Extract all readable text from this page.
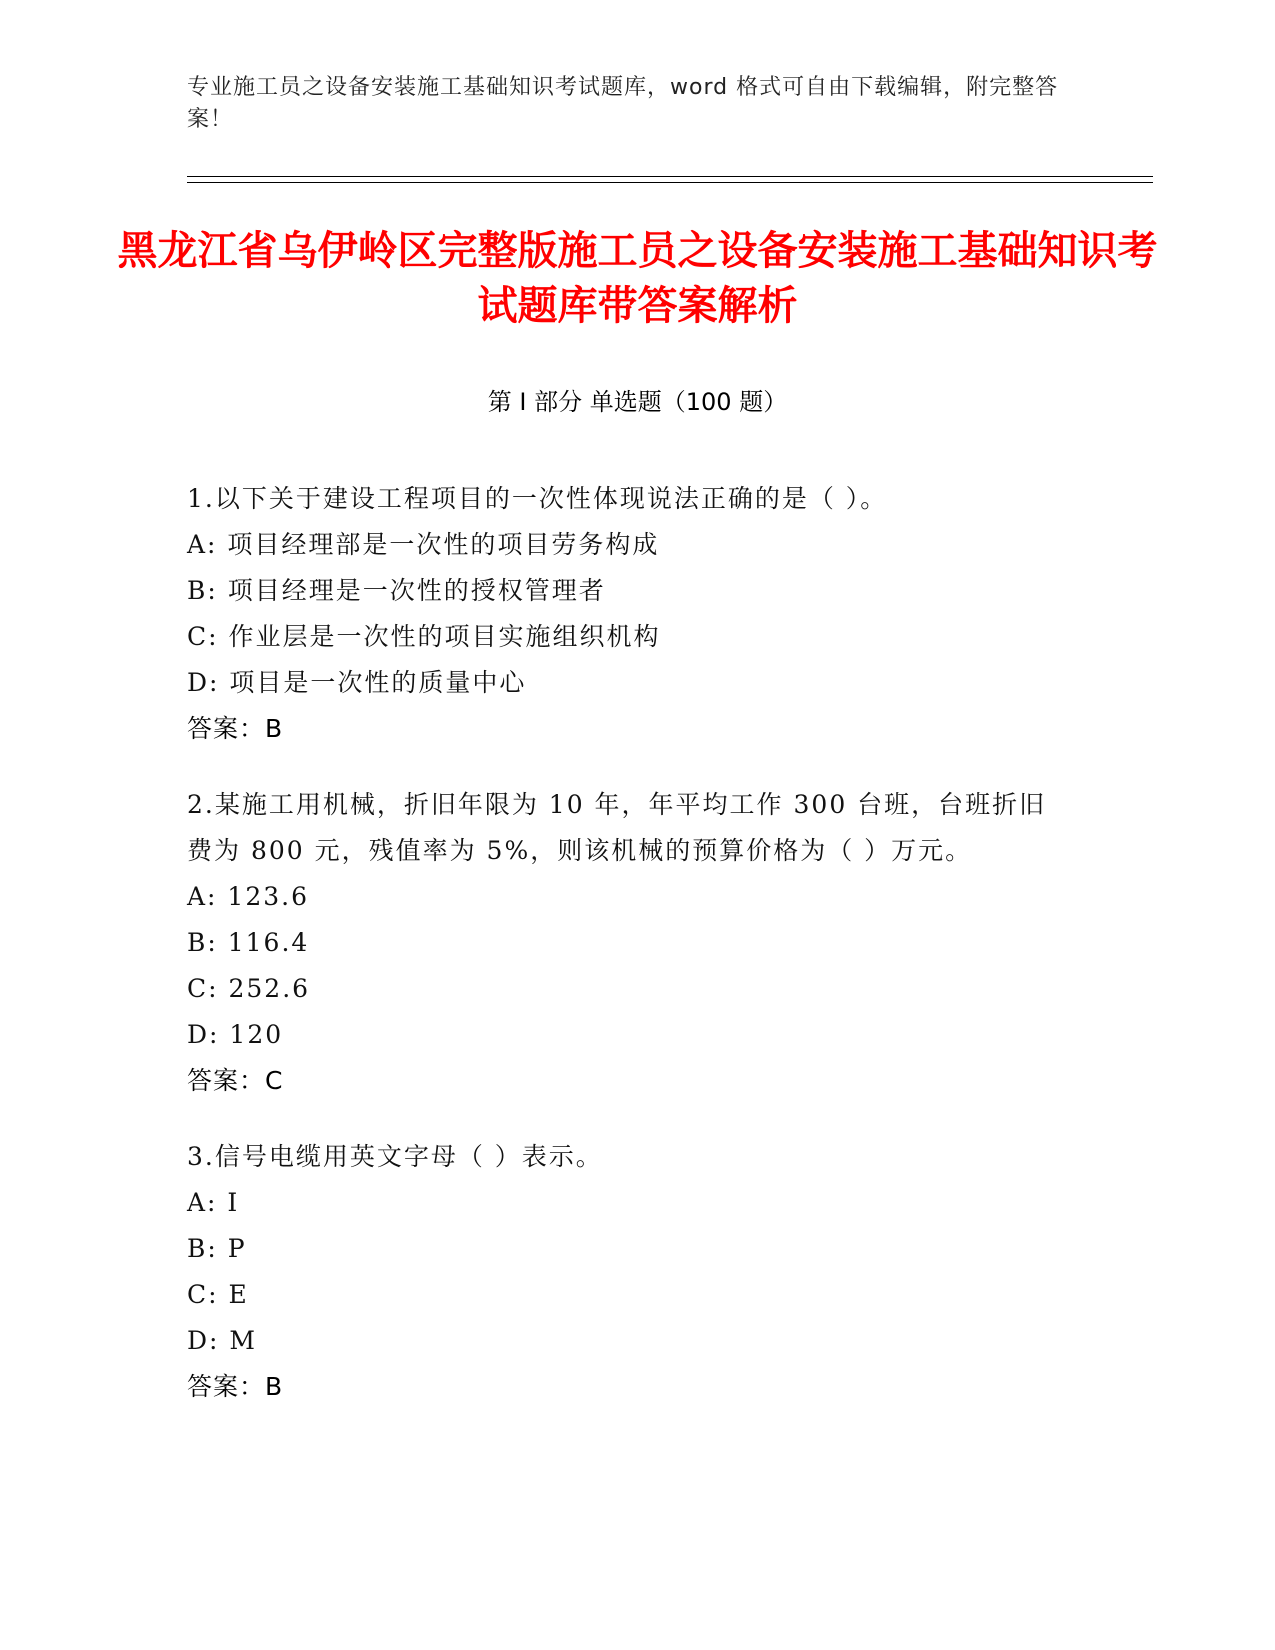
专业施工员之设备安装施工基础知识考试题库，word 格式可自由下载编辑，附完整答案！
黑龙江省乌伊岭区完整版施工员之设备安装施工基础知识考试题库带答案解析
第 I 部分 单选题（100 题）
1.以下关于建设工程项目的一次性体现说法正确的是（ ）。
A: 项目经理部是一次性的项目劳务构成
B: 项目经理是一次性的授权管理者
C: 作业层是一次性的项目实施组织机构
D: 项目是一次性的质量中心
答案：B
2.某施工用机械，折旧年限为 10 年，年平均工作 300 台班，台班折旧费为 800 元，残值率为 5%，则该机械的预算价格为（ ）万元。
A: 123.6
B: 116.4
C: 252.6
D: 120
答案：C
3.信号电缆用英文字母（ ）表示。
A: I
B: P
C: E
D: M
答案：B
